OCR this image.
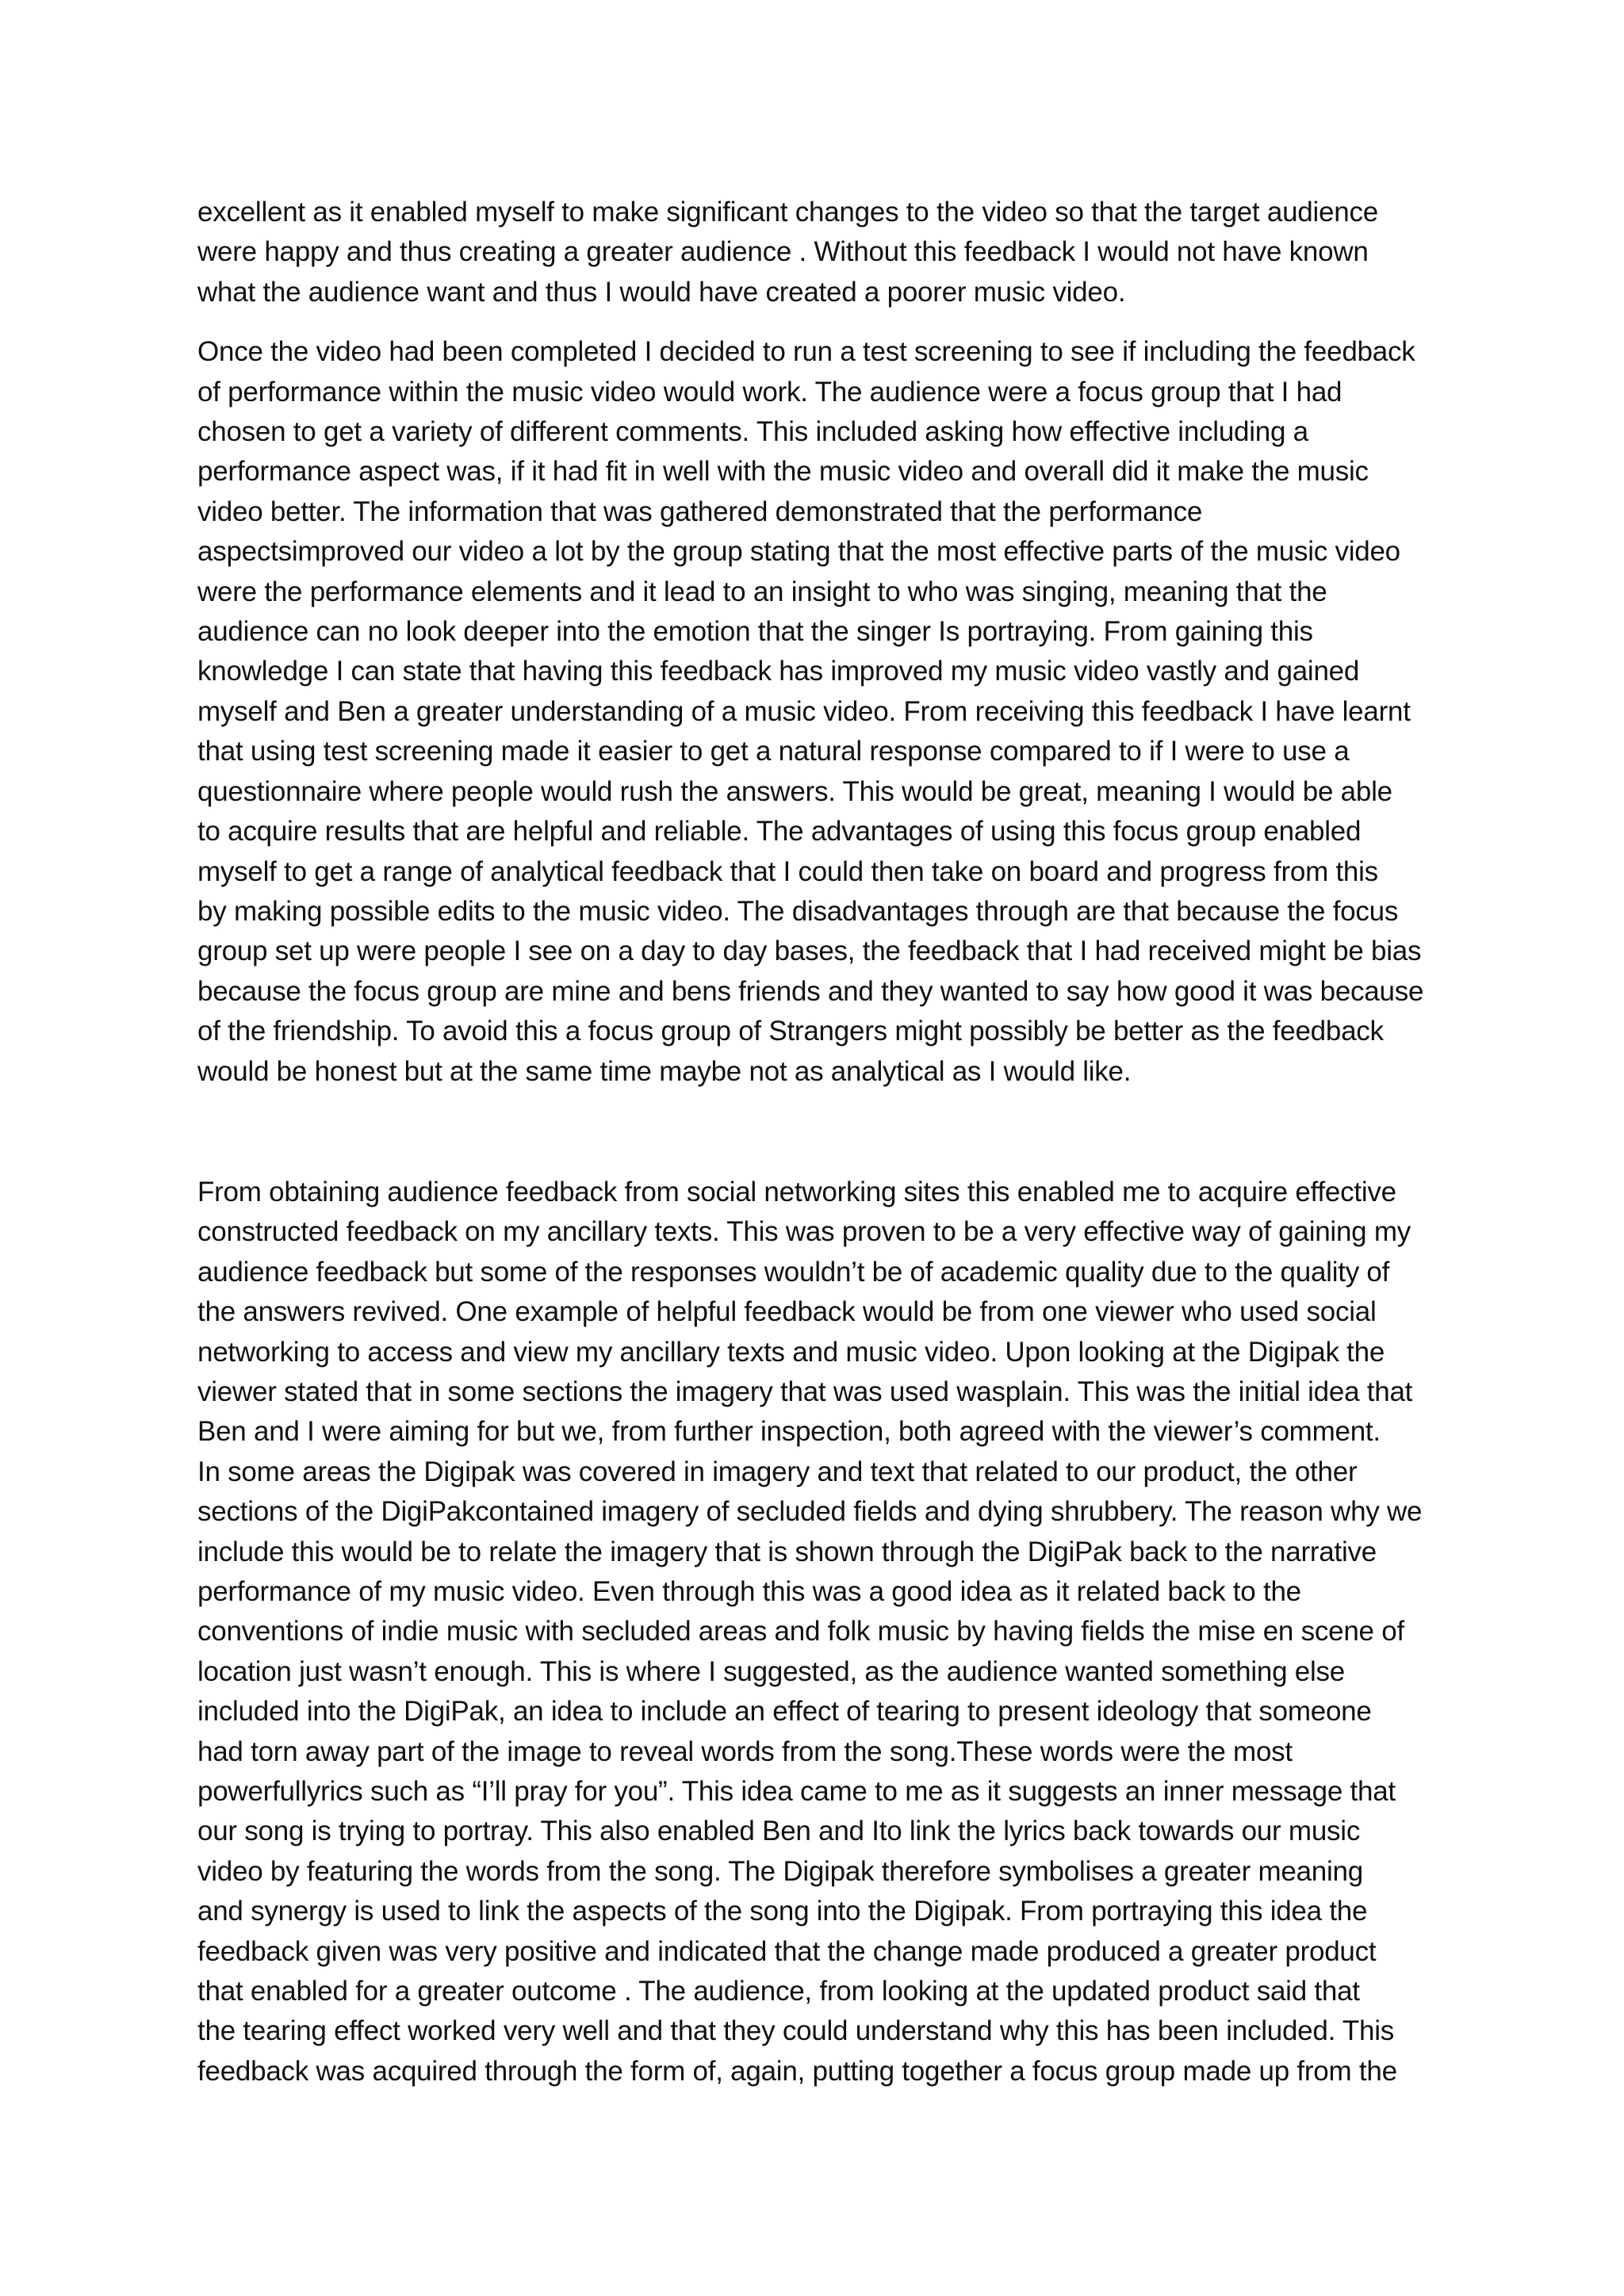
excellent as it enabled myself to make significant changes to the video so that the target audience
were happy and thus creating a greater audience . Without this feedback I would not have known
what the audience want and thus I would have created a poorer music video.

Once the video had been completed I decided to run a test screening to see if including the feedback
of performance within the music video would work. The audience were a focus group that I had
chosen to get a variety of different comments. This included asking how effective including a
performance aspect was, if it had fit in well with the music video and overall did it make the music
video better. The information that was gathered demonstrated that the performance
aspectsimproved our video a lot by the group stating that the most effective parts of the music video
were the performance elements and it lead to an insight to who was singing, meaning that the
audience can no look deeper into the emotion that the singer Is portraying. From gaining this
knowledge I can state that having this feedback has improved my music video vastly and gained
myself and Ben a greater understanding of a music video. From receiving this feedback I have learnt
that using test screening made it easier to get a natural response compared to if I were to use a
questionnaire where people would rush the answers. This would be great, meaning I would be able
to acquire results that are helpful and reliable. The advantages of using this focus group enabled
myself to get a range of analytical feedback that I could then take on board and progress from this
by making possible edits to the music video. The disadvantages through are that because the focus
group set up were people I see on a day to day bases, the feedback that I had received might be bias
because the focus group are mine and bens friends and they wanted to say how good it was because
of the friendship. To avoid this a focus group of Strangers might possibly be better as the feedback
would be honest but at the same time maybe not as analytical as I would like.

From obtaining audience feedback from social networking sites this enabled me to acquire effective
constructed feedback on my ancillary texts. This was proven to be a very effective way of gaining my
audience feedback but some of the responses wouldn’t be of academic quality due to the quality of
the answers revived. One example of helpful feedback would be from one viewer who used social
networking to access and view my ancillary texts and music video. Upon looking at the Digipak the
viewer stated that in some sections the imagery that was used wasplain. This was the initial idea that
Ben and I were aiming for but we, from further inspection, both agreed with the viewer’s comment.
In some areas the Digipak was covered in imagery and text that related to our product, the other
sections of the DigiPakcontained imagery of secluded fields and dying shrubbery. The reason why we
include this would be to relate the imagery that is shown through the DigiPak back to the narrative
performance of my music video. Even through this was a good idea as it related back to the
conventions of indie music with secluded areas and folk music by having fields the mise en scene of
location just wasn’t enough. This is where I suggested, as the audience wanted something else
included into the DigiPak, an idea to include an effect of tearing to present ideology that someone
had torn away part of the image to reveal words from the song.These words were the most
powerfullyrics such as “I’ll pray for you”. This idea came to me as it suggests an inner message that
our song is trying to portray. This also enabled Ben and Ito link the lyrics back towards our music
video by featuring the words from the song. The Digipak therefore symbolises a greater meaning
and synergy is used to link the aspects of the song into the Digipak. From portraying this idea the
feedback given was very positive and indicated that the change made produced a greater product
that enabled for a greater outcome . The audience, from looking at the updated product said that
the tearing effect worked very well and that they could understand why this has been included. This
feedback was acquired through the form of, again, putting together a focus group made up from the
